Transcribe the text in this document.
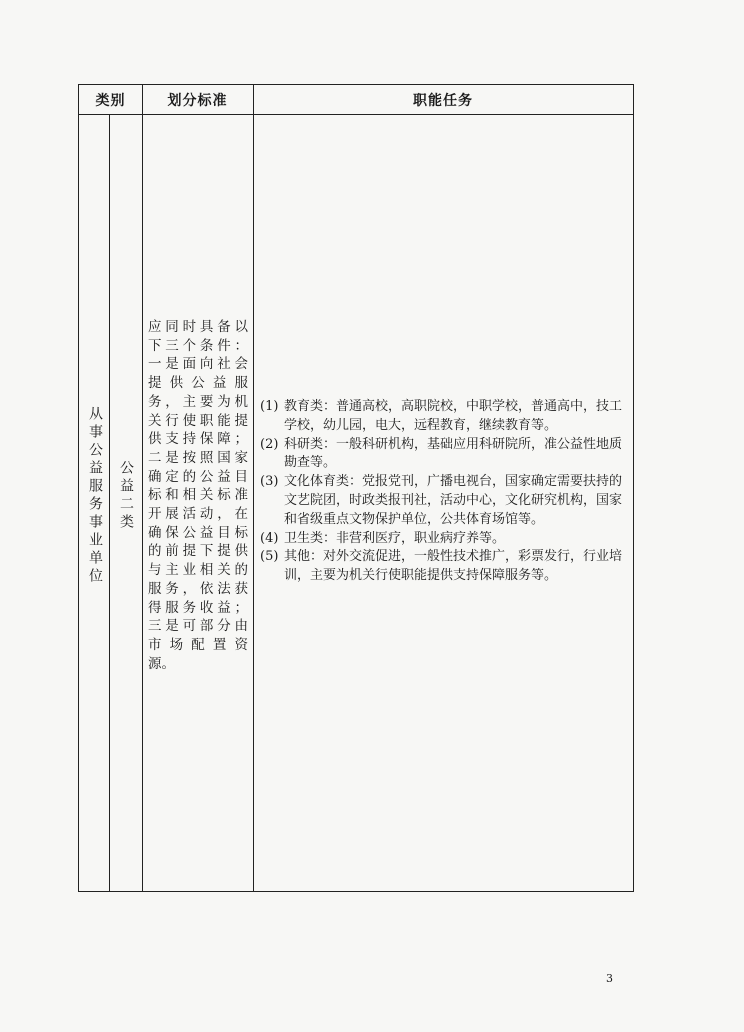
类别	划分标准	职能任务
从事公益服务事业单位 公益二类
应同时具备以
下三个条件：
一是面向社会
提供公益服
务，主要为机
关行使职能提
供支持保障；
二是按照国家
确定的公益目
标和相关标准
开展活动，在
确保公益目标
的前提下提供
与主业相关的
服务，依法获
得服务收益；
三是可部分由
市场配置资
源。
(1) 教育类：普通高校，高职院校，中职学校，普通高中，技工学校，幼儿园，电大，远程教育，继续教育等。
(2) 科研类：一般科研机构，基础应用科研院所，准公益性地质勘查等。
(3) 文化体育类：党报党刊，广播电视台，国家确定需要扶持的文艺院团，时政类报刊社，活动中心，文化研究机构，国家和省级重点文物保护单位，公共体育场馆等。
(4) 卫生类：非营利医疗，职业病疗养等。
(5) 其他：对外交流促进，一般性技术推广，彩票发行，行业培训，主要为机关行使职能提供支持保障服务等。
3
